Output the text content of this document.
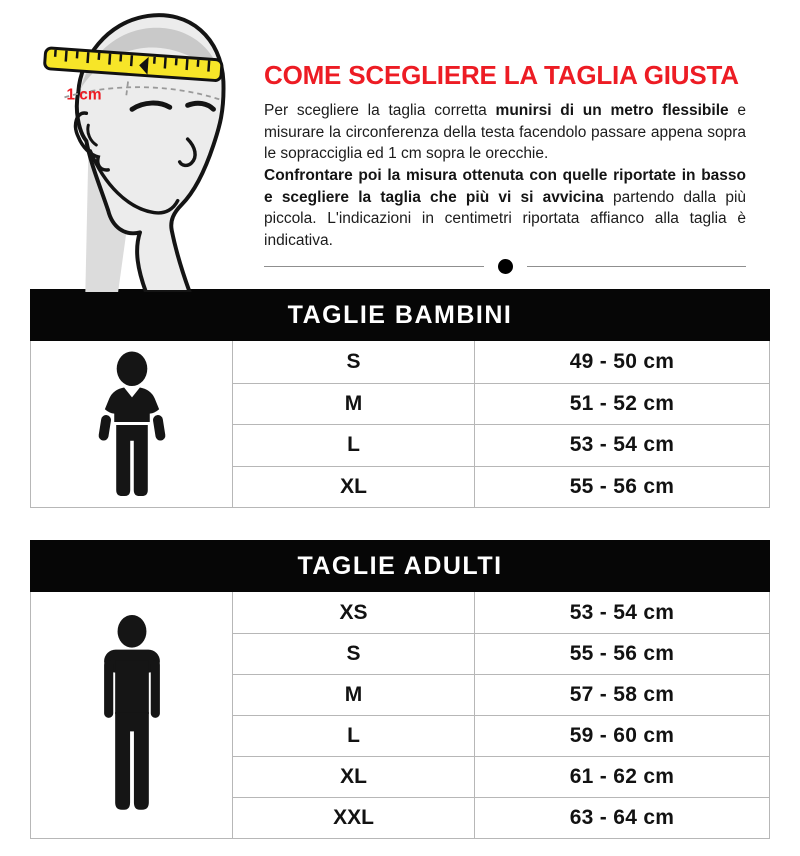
1 cm
COME SCEGLIERE LA TAGLIA GIUSTA

Per scegliere la taglia corretta munirsi di un metro flessibile e misurare la circonferenza della testa facendolo passare appena sopra le sopracciglia ed 1 cm sopra le orecchie.
Confrontare poi la misura ottenuta con quelle riportate in basso e scegliere la taglia che più vi si avvicina partendo dalla più piccola. L'indicazioni in centimetri riportata affianco alla taglia è indicativa.

TAGLIE BAMBINI
S	49 - 50 cm
M	51 - 52 cm
L	53 - 54 cm
XL	55 - 56 cm
TAGLIE ADULTI
XS	53 - 54 cm
S	55 - 56 cm
M	57 - 58 cm
L	59 - 60 cm
XL	61 - 62 cm
XXL	63 - 64 cm
